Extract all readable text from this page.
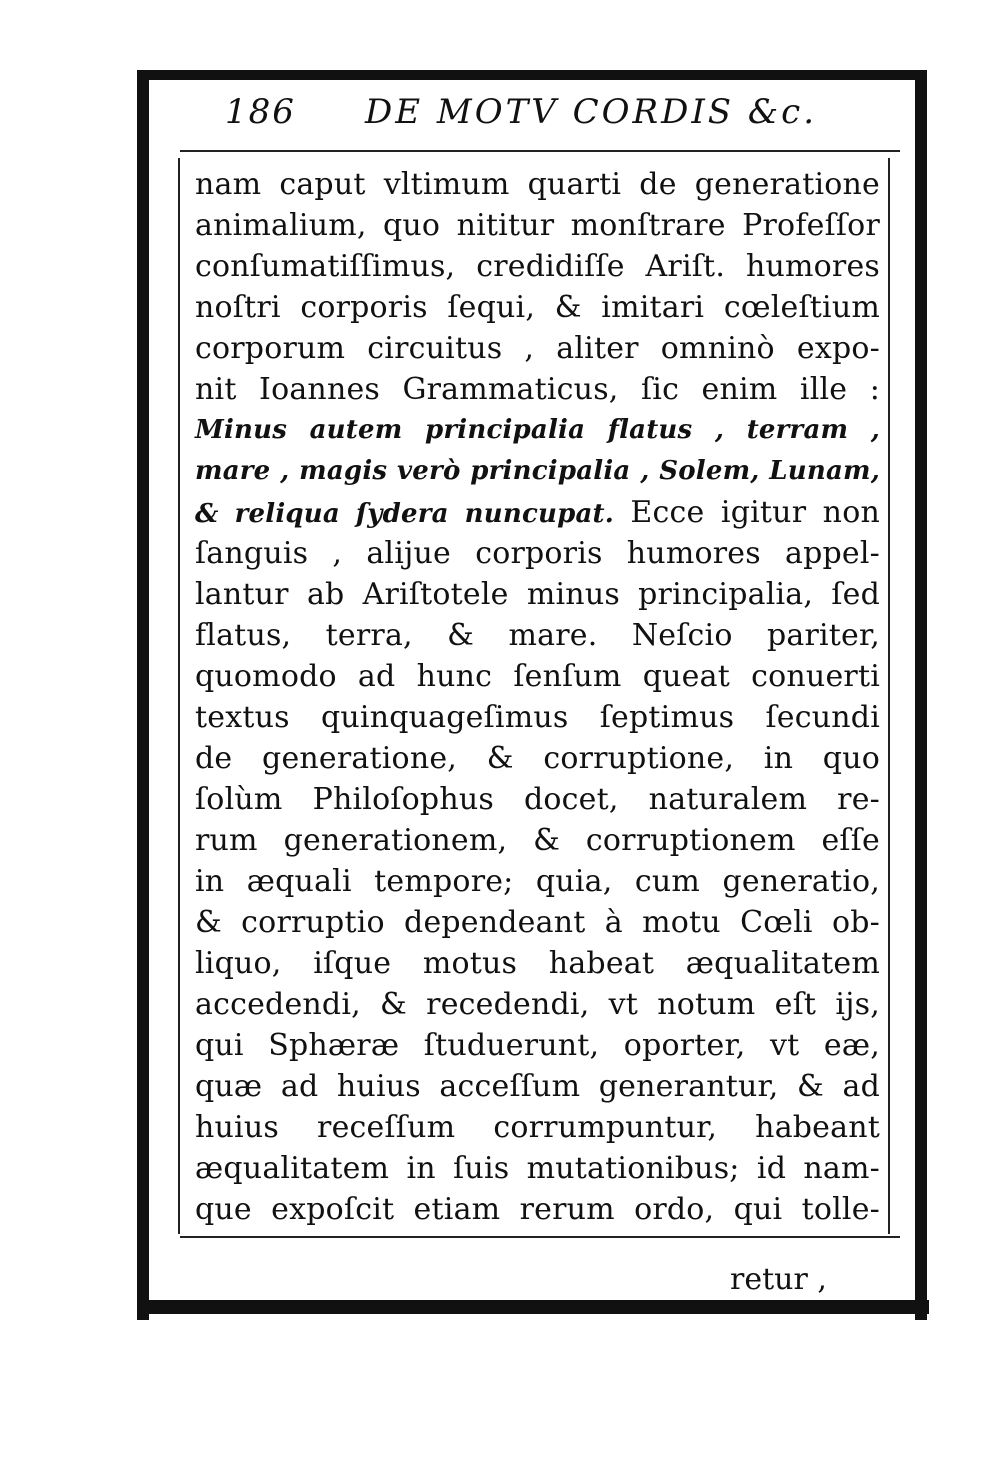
186 DE MOTV CORDIS &c.
nam caput vltimum quarti de generatione
animalium, quo nititur monſtrare Profeſſor
conſumatiſſimus, credidiſſe Ariſt. humores
noſtri corporis ſequi, & imitari cœleſtium
corporum circuitus , aliter omninò expo-
nit Ioannes Grammaticus, ſic enim ille :
Minus autem principalia flatus , terram ,
mare , magis verò principalia , Solem, Lunam,
& reliqua ſydera nuncupat. Ecce igitur non
ſanguis , alijue corporis humores appel-
lantur ab Ariſtotele minus principalia, ſed
flatus, terra, & mare. Neſcio pariter,
quomodo ad hunc ſenſum queat conuerti
textus quinquageſimus ſeptimus ſecundi
de generatione, & corruptione, in quo
ſolùm Philoſophus docet, naturalem re-
rum generationem, & corruptionem eſſe
in æquali tempore; quia, cum generatio,
& corruptio dependeant à motu Cœli ob-
liquo, iſque motus habeat æqualitatem
accedendi, & recedendi, vt notum eſt ijs,
qui Sphæræ ſtuduerunt, oporter, vt eæ,
quæ ad huius acceſſum generantur, & ad
huius receſſum corrumpuntur, habeant
æqualitatem in ſuis mutationibus; id nam-
que expoſcit etiam rerum ordo, qui tolle-
retur ,
